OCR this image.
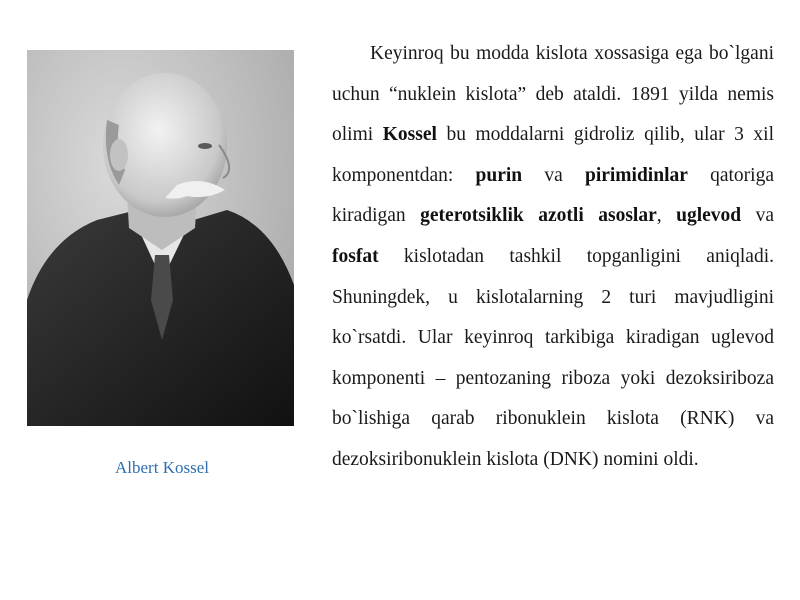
Albert Kossel

Keyinroq bu modda kislota xossasiga ega bo`lgani uchun “nuklein kislota” deb ataldi. 1891 yilda nemis olimi Kossel bu moddalarni gidroliz qilib, ular 3 xil komponentdan: purin va pirimidinlar qatoriga kiradigan geterotsiklik azotli asoslar, uglevod va fosfat kislotadan tashkil topganligini aniqladi. Shuningdek, u kislotalarning 2 turi mavjudligini ko`rsatdi. Ular keyinroq tarkibiga kiradigan uglevod komponenti – pentozaning riboza yoki dezoksiriboza bo`lishiga qarab ribonuklein kislota (RNK) va dezoksiribonuklein kislota (DNK) nomini oldi.
